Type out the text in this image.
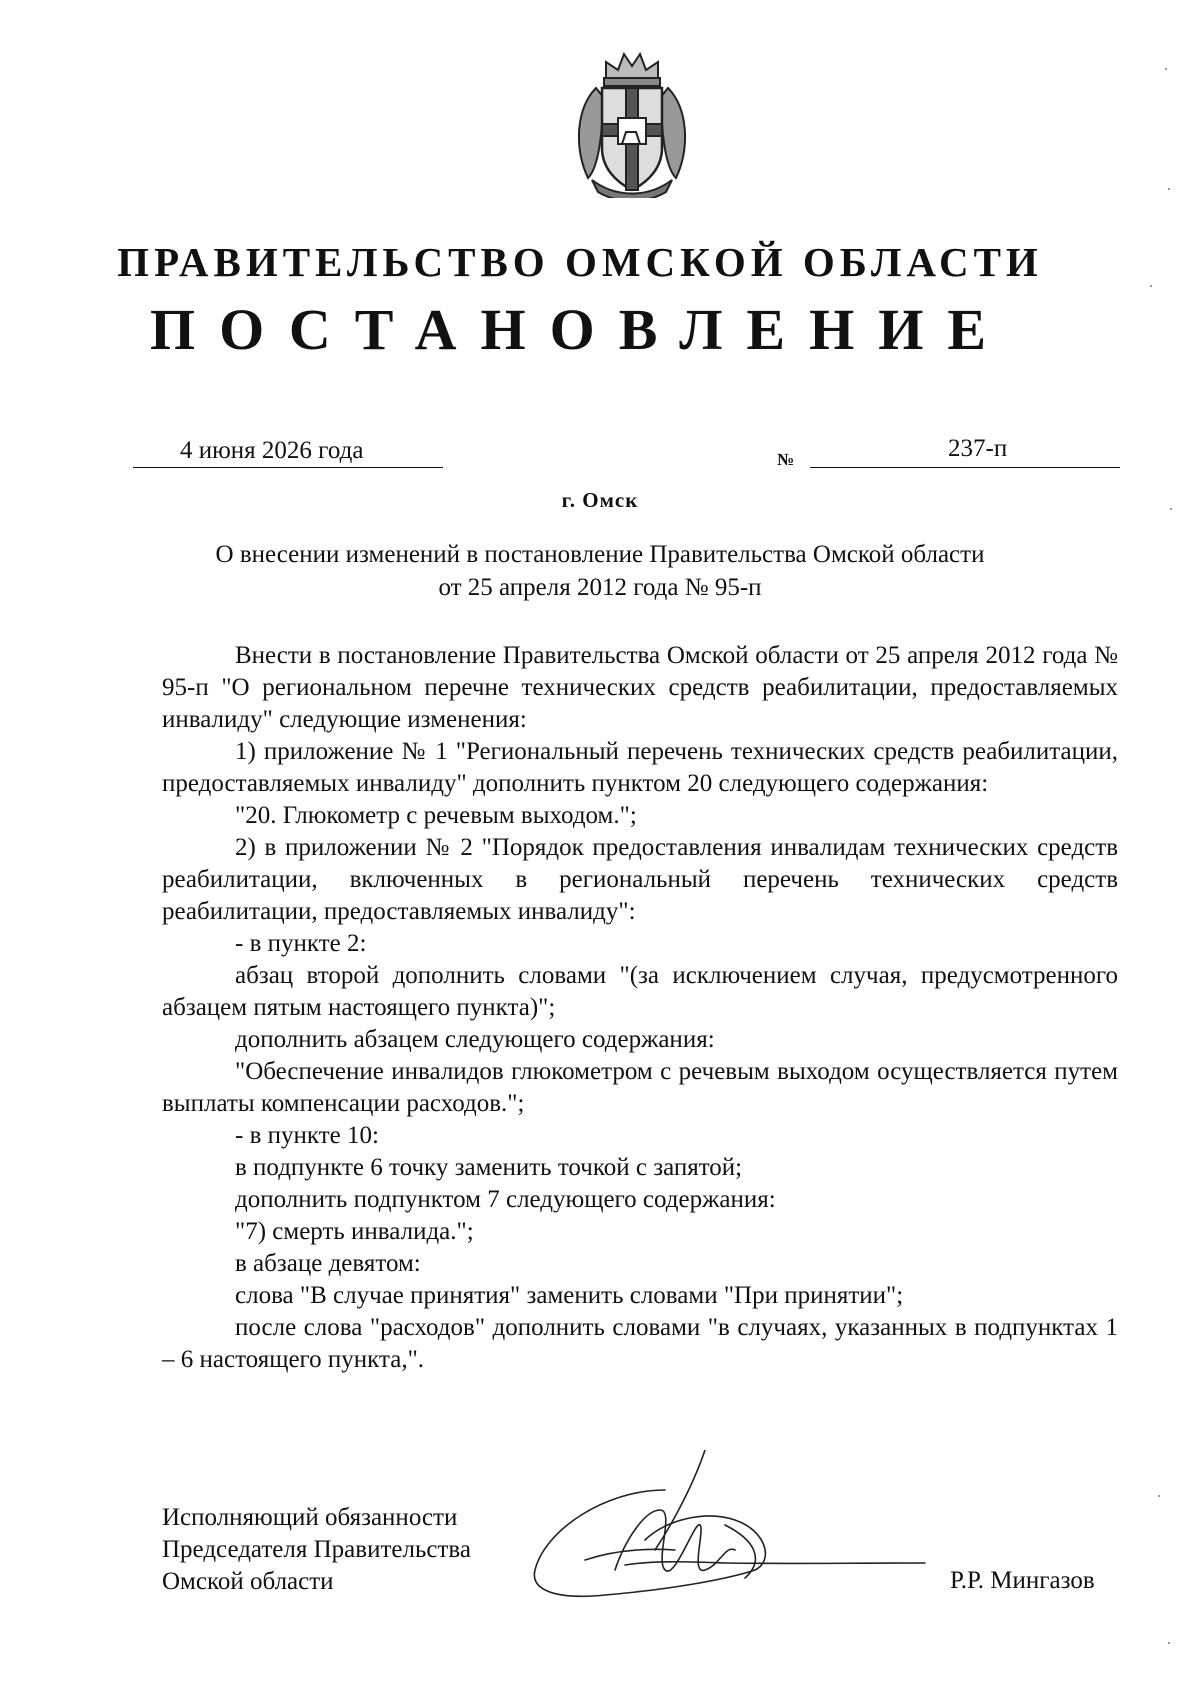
ПРАВИТЕЛЬСТВО ОМСКОЙ ОБЛАСТИ
ПОСТАНОВЛЕНИЕ
4 июня 2026 года	№	237-п
г. Омск
О внесении изменений в постановление Правительства Омской области
от 25 апреля 2012 года № 95-п

Внести в постановление Правительства Омской области от 25 апреля 2012 года № 95-п "О региональном перечне технических средств реабилитации, предоставляемых инвалиду" следующие изменения:

1) приложение № 1 "Региональный перечень технических средств реабилитации, предоставляемых инвалиду" дополнить пунктом 20 следующего содержания:

"20. Глюкометр с речевым выходом.";

2) в приложении № 2 "Порядок предоставления инвалидам технических средств реабилитации, включенных в региональный перечень технических средств реабилитации, предоставляемых инвалиду":

- в пункте 2:

абзац второй дополнить словами "(за исключением случая, предусмотренного абзацем пятым настоящего пункта)";

дополнить абзацем следующего содержания:

"Обеспечение инвалидов глюкометром с речевым выходом осуществляется путем выплаты компенсации расходов.";

- в пункте 10:

в подпункте 6 точку заменить точкой с запятой;

дополнить подпунктом 7 следующего содержания:

"7) смерть инвалида.";

в абзаце девятом:

слова "В случае принятия" заменить словами "При принятии";

после слова "расходов" дополнить словами "в случаях, указанных в подпунктах 1 – 6 настоящего пункта,".

Исполняющий обязанности
Председателя Правительства
Омской области	Р.Р. Мингазов
